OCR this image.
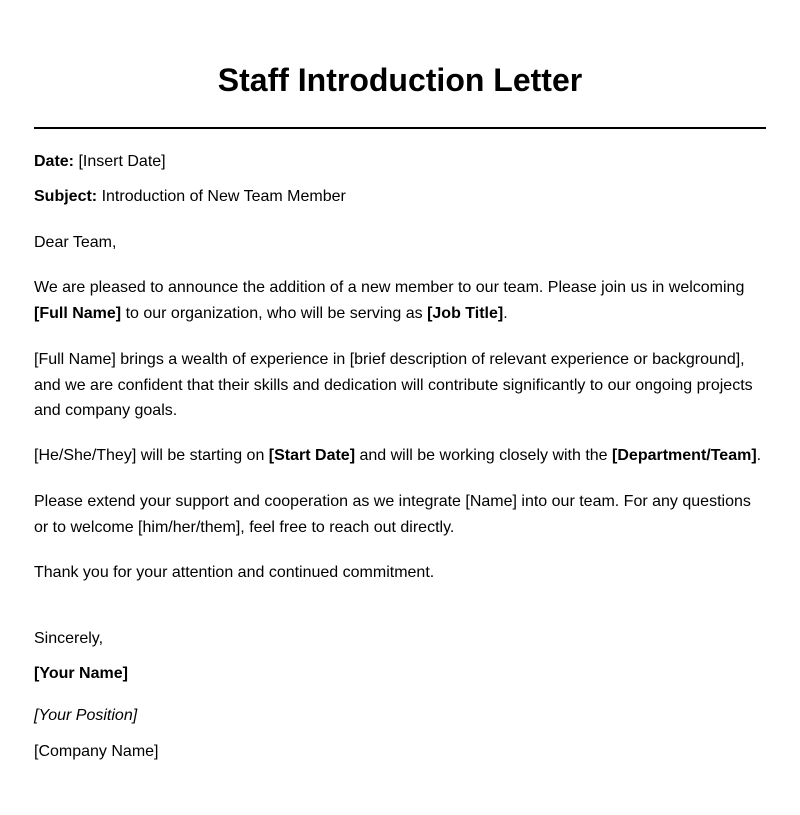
Staff Introduction Letter

Date: [Insert Date]

Subject: Introduction of New Team Member

Dear Team,

We are pleased to announce the addition of a new member to our team. Please join us in welcoming
[Full Name] to our organization, who will be serving as [Job Title].
[Full Name] brings a wealth of experience in [brief description of relevant experience or background],
and we are confident that their skills and dedication will contribute significantly to our ongoing projects
and company goals.

[He/She/They] will be starting on [Start Date] and will be working closely with the [Department/Team].

Please extend your support and cooperation as we integrate [Name] into our team. For any questions
or to welcome [him/her/them], feel free to reach out directly.

Thank you for your attention and continued commitment.

Sincerely,

[Your Name]

[Your Position]

[Company Name]
